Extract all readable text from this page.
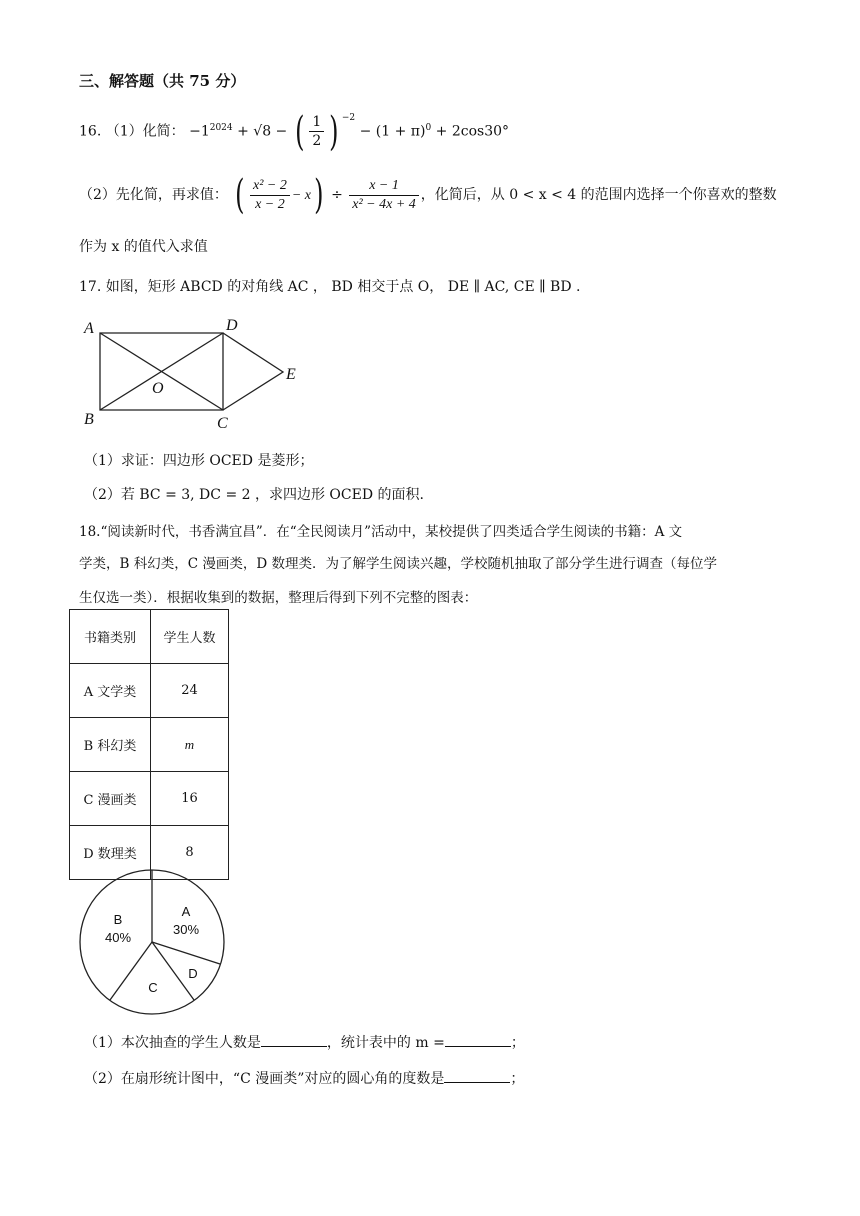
三、解答题（共 75 分）
16. （1）化简： $-1^{2024} + √8$ − ( $\frac{1}{2}$ ) $^{-2} - (1 + \pi)^0 + 2\cos 30^\circ$
（2）先化简，再求值： ( $\frac{\text{x² − 2}}{x - 2} - x) \div \frac{x - 1}{\text{x² − 4x + 4}}$ ，化简后，从 0 < x < 4 的范围内选择一个你喜欢的整数
作为 x 的值代入求值
17. 如图，矩形 ABCD 的对角线 AC ， BD 相交于点 O， DE ∥ AC, CE ∥ BD .
A	D
E
O
B	C
（1）求证：四边形 OCED 是菱形；
（2）若 BC = 3, DC = 2 ，求四边形 OCED 的面积.
18.“阅读新时代，书香满宜昌”．在“全民阅读月”活动中，某校提供了四类适合学生阅读的书籍：A 文
学类，B 科幻类，C 漫画类，D 数理类．为了解学生阅读兴趣，学校随机抽取了部分学生进行调查（每位学
生仅选一类）．根据收集到的数据，整理后得到下列不完整的图表：
书籍类别	学生人数
A 文学类	24
B 科幻类	m
C 漫画类	16
D 数理类	8
A
30%
B
40%
D
C
（1）本次抽查的学生人数是	，统计表中的 m =	；
（2）在扇形统计图中，“C 漫画类”对应的圆心角的度数是	；
